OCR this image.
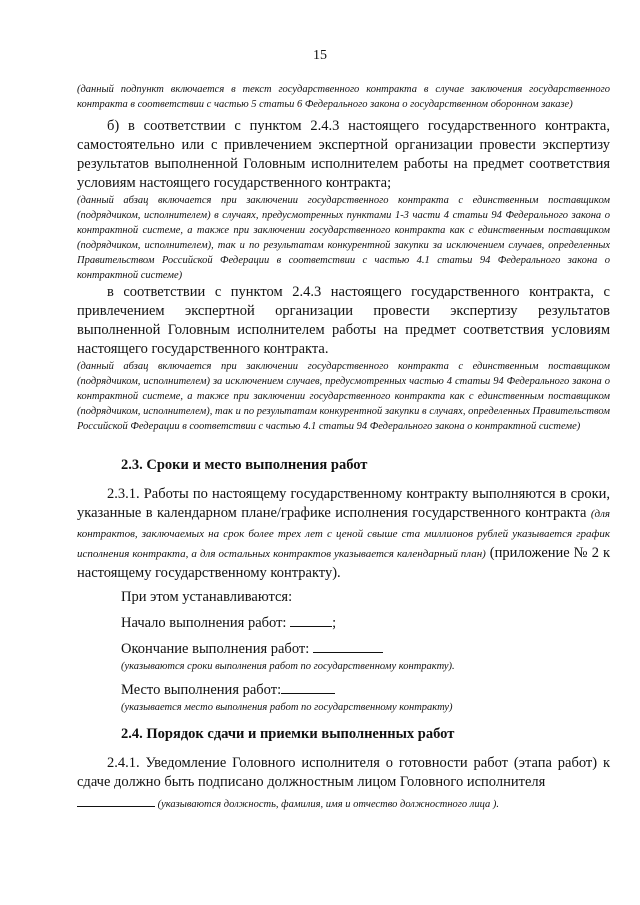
15

(данный подпункт включается в текст государственного контракта в случае заключения государственного контракта в соответствии с частью 5 статьи 6 Федерального закона о государственном оборонном заказе)

б) в соответствии с пунктом 2.4.3 настоящего государственного контракта, самостоятельно или с привлечением экспертной организации провести экспертизу результатов выполненной Головным исполнителем работы на предмет соответствия условиям настоящего государственного контракта;

(данный абзац включается при заключении государственного контракта с единственным поставщиком (подрядчиком, исполнителем) в случаях, предусмотренных пунктами 1-3 части 4 статьи 94 Федерального закона о контрактной системе, а также при заключении государственного контракта как с единственным поставщиком (подрядчиком, исполнителем), так и по результатам конкурентной закупки за исключением случаев, определенных Правительством Российской Федерации в соответствии с частью 4.1 статьи 94 Федерального закона о контрактной системе)

в соответствии с пунктом 2.4.3 настоящего государственного контракта, с привлечением экспертной организации провести экспертизу результатов выполненной Головным исполнителем работы на предмет соответствия условиям настоящего государственного контракта.

(данный абзац включается при заключении государственного контракта с единственным поставщиком (подрядчиком, исполнителем) за исключением случаев, предусмотренных частью 4 статьи 94 Федерального закона о контрактной системе, а также при заключении государственного контракта как с единственным поставщиком (подрядчиком, исполнителем), так и по результатам конкурентной закупки в случаях, определенных Правительством Российской Федерации в соответствии с частью 4.1 статьи 94 Федерального закона о контрактной системе)

2.3. Сроки и место выполнения работ

2.3.1. Работы по настоящему государственному контракту выполняются в сроки, указанные в календарном плане/графике исполнения государственного контракта (для контрактов, заключаемых на срок более трех лет с ценой свыше ста миллионов рублей указывается график исполнения контракта, а для остальных контрактов указывается календарный план) (приложение № 2 к настоящему государственному контракту).

При этом устанавливаются:

Начало выполнения работ:	;

Окончание выполнения работ:

(указываются сроки выполнения работ по государственному контракту).

Место выполнения работ:

(указывается место выполнения работ по государственному контракту)

2.4. Порядок сдачи и приемки выполненных работ

2.4.1. Уведомление Головного исполнителя о готовности работ (этапа работ) к сдаче должно быть подписано должностным лицом Головного исполнителя

(указываются должность, фамилия, имя и отчество должностного лица ).
